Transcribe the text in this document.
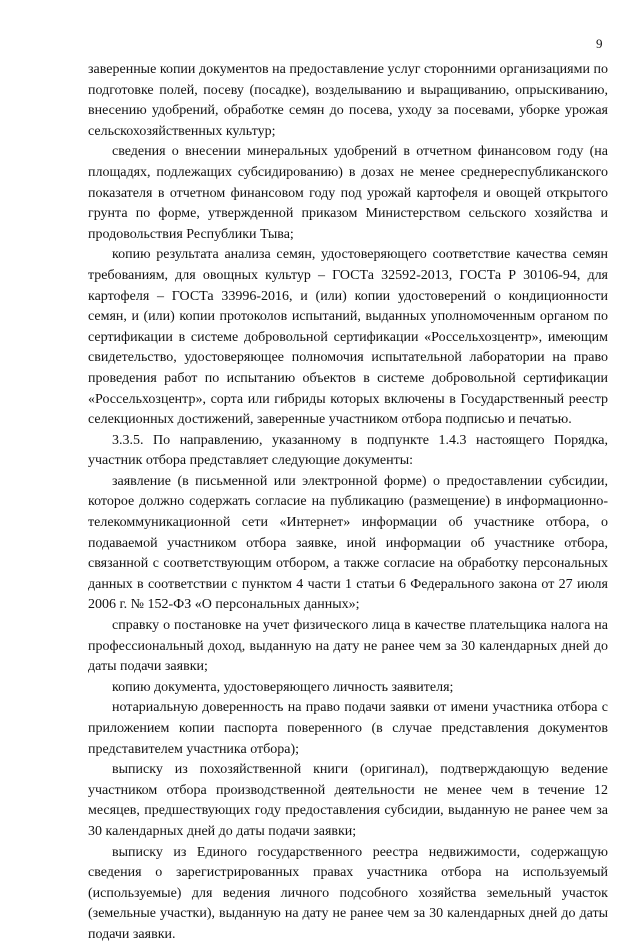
9

заверенные копии документов на предоставление услуг сторонними организациями по подготовке полей, посеву (посадке), возделыванию и выращиванию, опрыскиванию, внесению удобрений, обработке семян до посева, уходу за посевами, уборке урожая сельскохозяйственных культур;

сведения о внесении минеральных удобрений в отчетном финансовом году (на площадях, подлежащих субсидированию) в дозах не менее среднереспубликанского показателя в отчетном финансовом году под урожай картофеля и овощей открытого грунта по форме, утвержденной приказом Министерством сельского хозяйства и продовольствия Республики Тыва;

копию результата анализа семян, удостоверяющего соответствие качества семян требованиям, для овощных культур – ГОСТа 32592-2013, ГОСТа Р 30106-94, для картофеля – ГОСТа 33996-2016, и (или) копии удостоверений о кондиционности семян, и (или) копии протоколов испытаний, выданных уполномоченным органом по сертификации в системе добровольной сертификации «Россельхозцентр», имеющим свидетельство, удостоверяющее полномочия испытательной лаборатории на право проведения работ по испытанию объектов в системе добровольной сертификации «Россельхозцентр», сорта или гибриды которых включены в Государственный реестр селекционных достижений, заверенные участником отбора подписью и печатью.

3.3.5. По направлению, указанному в подпункте 1.4.3 настоящего Порядка, участник отбора представляет следующие документы:

заявление (в письменной или электронной форме) о предоставлении субсидии, которое должно содержать согласие на публикацию (размещение) в информационно-телекоммуникационной сети «Интернет» информации об участнике отбора, о подаваемой участником отбора заявке, иной информации об участнике отбора, связанной с соответствующим отбором, а также согласие на обработку персональных данных в соответствии с пунктом 4 части 1 статьи 6 Федерального закона от 27 июля 2006 г. № 152-ФЗ «О персональных данных»;

справку о постановке на учет физического лица в качестве плательщика налога на профессиональный доход, выданную на дату не ранее чем за 30 календарных дней до даты подачи заявки;

копию документа, удостоверяющего личность заявителя;

нотариальную доверенность на право подачи заявки от имени участника отбора с приложением копии паспорта поверенного (в случае представления документов представителем участника отбора);

выписку из похозяйственной книги (оригинал), подтверждающую ведение участником отбора производственной деятельности не менее чем в течение 12 месяцев, предшествующих году предоставления субсидии, выданную не ранее чем за 30 календарных дней до даты подачи заявки;

выписку из Единого государственного реестра недвижимости, содержащую сведения о зарегистрированных правах участника отбора на используемый (используемые) для ведения личного подсобного хозяйства земельный участок (земельные участки), выданную на дату не ранее чем за 30 календарных дней до даты подачи заявки.
